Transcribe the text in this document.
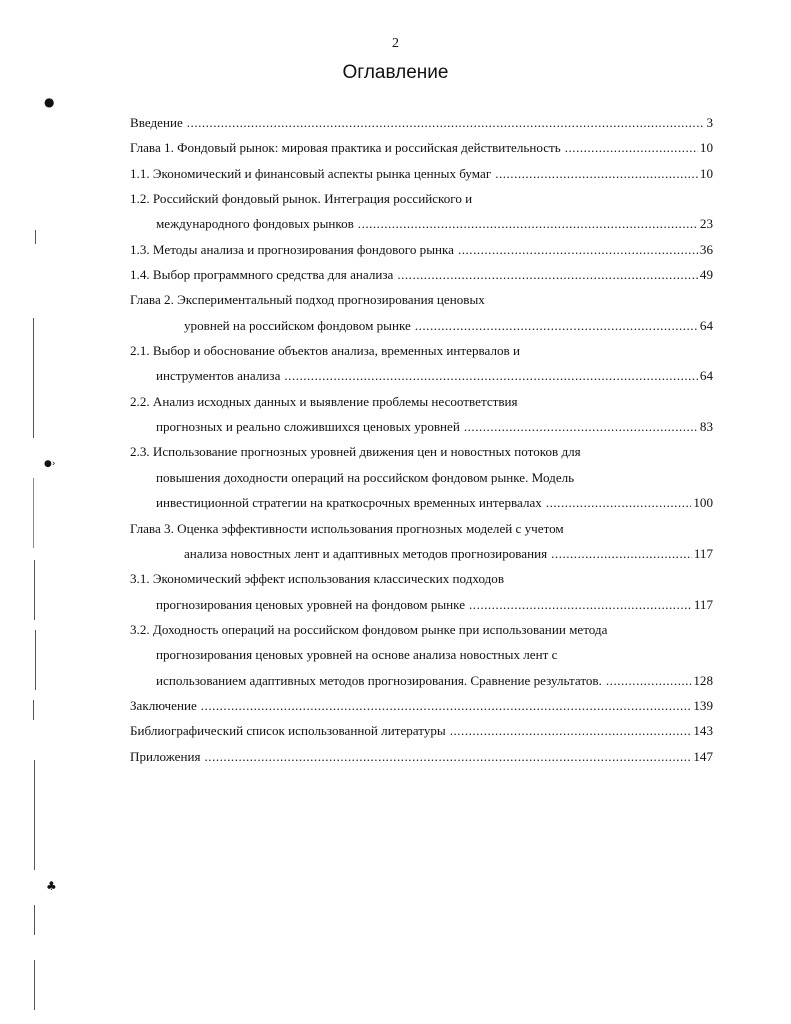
2
Оглавление
Введение .....	3
Глава 1. Фондовый рынок: мировая практика и российская действительность .....	10
1.1. Экономический и финансовый аспекты рынка ценных бумаг .....	10
1.2. Российский фондовый рынок. Интеграция российского и
международного фондовых рынков .....	23
1.3. Методы анализа и прогнозирования фондового рынка .....	36
1.4. Выбор программного средства для анализа .....	49
Глава 2. Экспериментальный подход прогнозирования ценовых
уровней на российском фондовом рынке .....	64
2.1. Выбор и обоснование объектов анализа, временных интервалов и
инструментов анализа .....	64
2.2. Анализ исходных данных и выявление проблемы несоответствия
прогнозных и реально сложившихся ценовых уровней .....	83
2.3. Использование прогнозных уровней движения цен и новостных потоков для
повышения доходности операций на российском фондовом рынке. Модель
инвестиционной стратегии на краткосрочных временных интервалах .....	100
Глава 3. Оценка эффективности использования прогнозных моделей с учетом
анализа новостных лент и адаптивных методов прогнозирования .....	117
3.1. Экономический эффект использования классических подходов
прогнозирования ценовых уровней на фондовом рынке .....	117
3.2. Доходность операций на российском фондовом рынке при использовании метода
прогнозирования ценовых уровней на основе анализа новостных лент с
использованием адаптивных методов прогнозирования. Сравнение результатов. .....	128
Заключение .....	139
Библиографический список использованной литературы .....	143
Приложения .....	147
●
●›
♣
